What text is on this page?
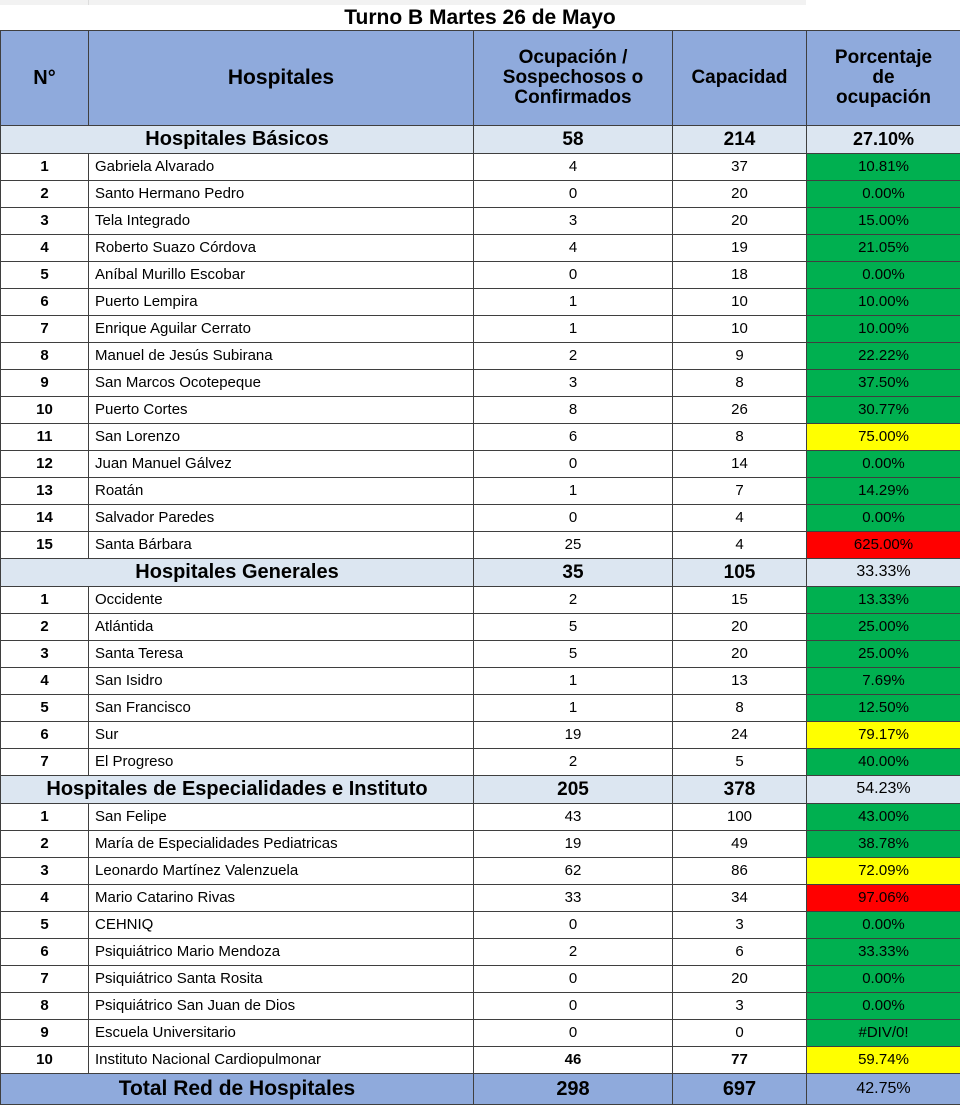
Turno B Martes 26 de Mayo
N°	Hospitales	Ocupación /
Sospechosos o
Confirmados	Capacidad	Porcentaje
de
ocupación
Hospitales Básicos		58	214	27.10%
1	Gabriela Alvarado	4	37	10.81%
2	Santo Hermano Pedro	0	20	0.00%
3	Tela Integrado	3	20	15.00%
4	Roberto Suazo Córdova	4	19	21.05%
5	Aníbal Murillo Escobar	0	18	0.00%
6	Puerto Lempira	1	10	10.00%
7	Enrique Aguilar Cerrato	1	10	10.00%
8	Manuel de Jesús Subirana	2	9	22.22%
9	San Marcos Ocotepeque	3	8	37.50%
10	Puerto Cortes	8	26	30.77%
11	San Lorenzo	6	8	75.00%
12	Juan Manuel Gálvez	0	14	0.00%
13	Roatán	1	7	14.29%
14	Salvador Paredes	0	4	0.00%
15	Santa Bárbara	25	4	625.00%
Hospitales Generales		35	105	33.33%
1	Occidente	2	15	13.33%
2	Atlántida	5	20	25.00%
3	Santa Teresa	5	20	25.00%
4	San Isidro	1	13	7.69%
5	San Francisco	1	8	12.50%
6	Sur	19	24	79.17%
7	El Progreso	2	5	40.00%
Hospitales de Especialidades e Instituto		205	378	54.23%
1	San Felipe	43	100	43.00%
2	María de Especialidades Pediatricas	19	49	38.78%
3	Leonardo Martínez Valenzuela	62	86	72.09%
4	Mario Catarino Rivas	33	34	97.06%
5	CEHNIQ	0	3	0.00%
6	Psiquiátrico Mario Mendoza	2	6	33.33%
7	Psiquiátrico Santa Rosita	0	20	0.00%
8	Psiquiátrico San Juan de Dios	0	3	0.00%
9	Escuela Universitario	0	0	#DIV/0!
10	Instituto Nacional Cardiopulmonar	46	77	59.74%
Total Red de Hospitales		298	697	42.75%
